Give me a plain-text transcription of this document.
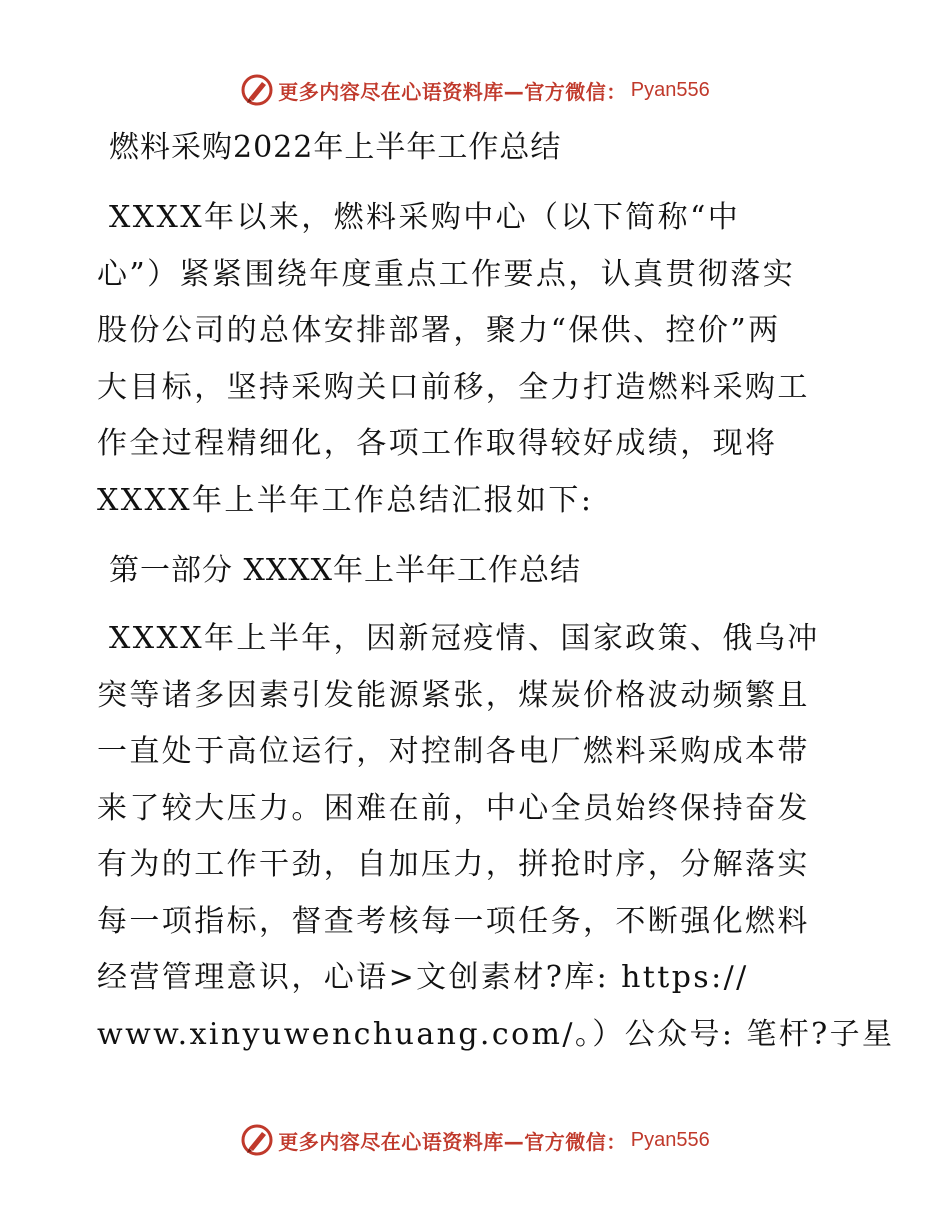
更多内容尽在心语资料库—官方微信： Pyan556
燃料采购2022年上半年工作总结

XXXX年以来，燃料采购中心（以下简称“中
心”）紧紧围绕年度重点工作要点，认真贯彻落实
股份公司的总体安排部署，聚力“保供、控价”两
大目标，坚持采购关口前移，全力打造燃料采购工
作全过程精细化，各项工作取得较好成绩，现将
XXXX年上半年工作总结汇报如下:

第一部分 XXXX年上半年工作总结

XXXX年上半年，因新冠疫情、国家政策、俄乌冲
突等诸多因素引发能源紧张，煤炭价格波动频繁且
一直处于高位运行，对控制各电厂燃料采购成本带
来了较大压力。困难在前，中心全员始终保持奋发
有为的工作干劲，自加压力，拼抢时序，分解落实
每一项指标，督查考核每一项任务，不断强化燃料
经营管理意识，心语>文创素材?库: https://
www.xinyuwenchuang.com/。）公众号: 笔杆?子星

更多内容尽在心语资料库—官方微信： Pyan556
